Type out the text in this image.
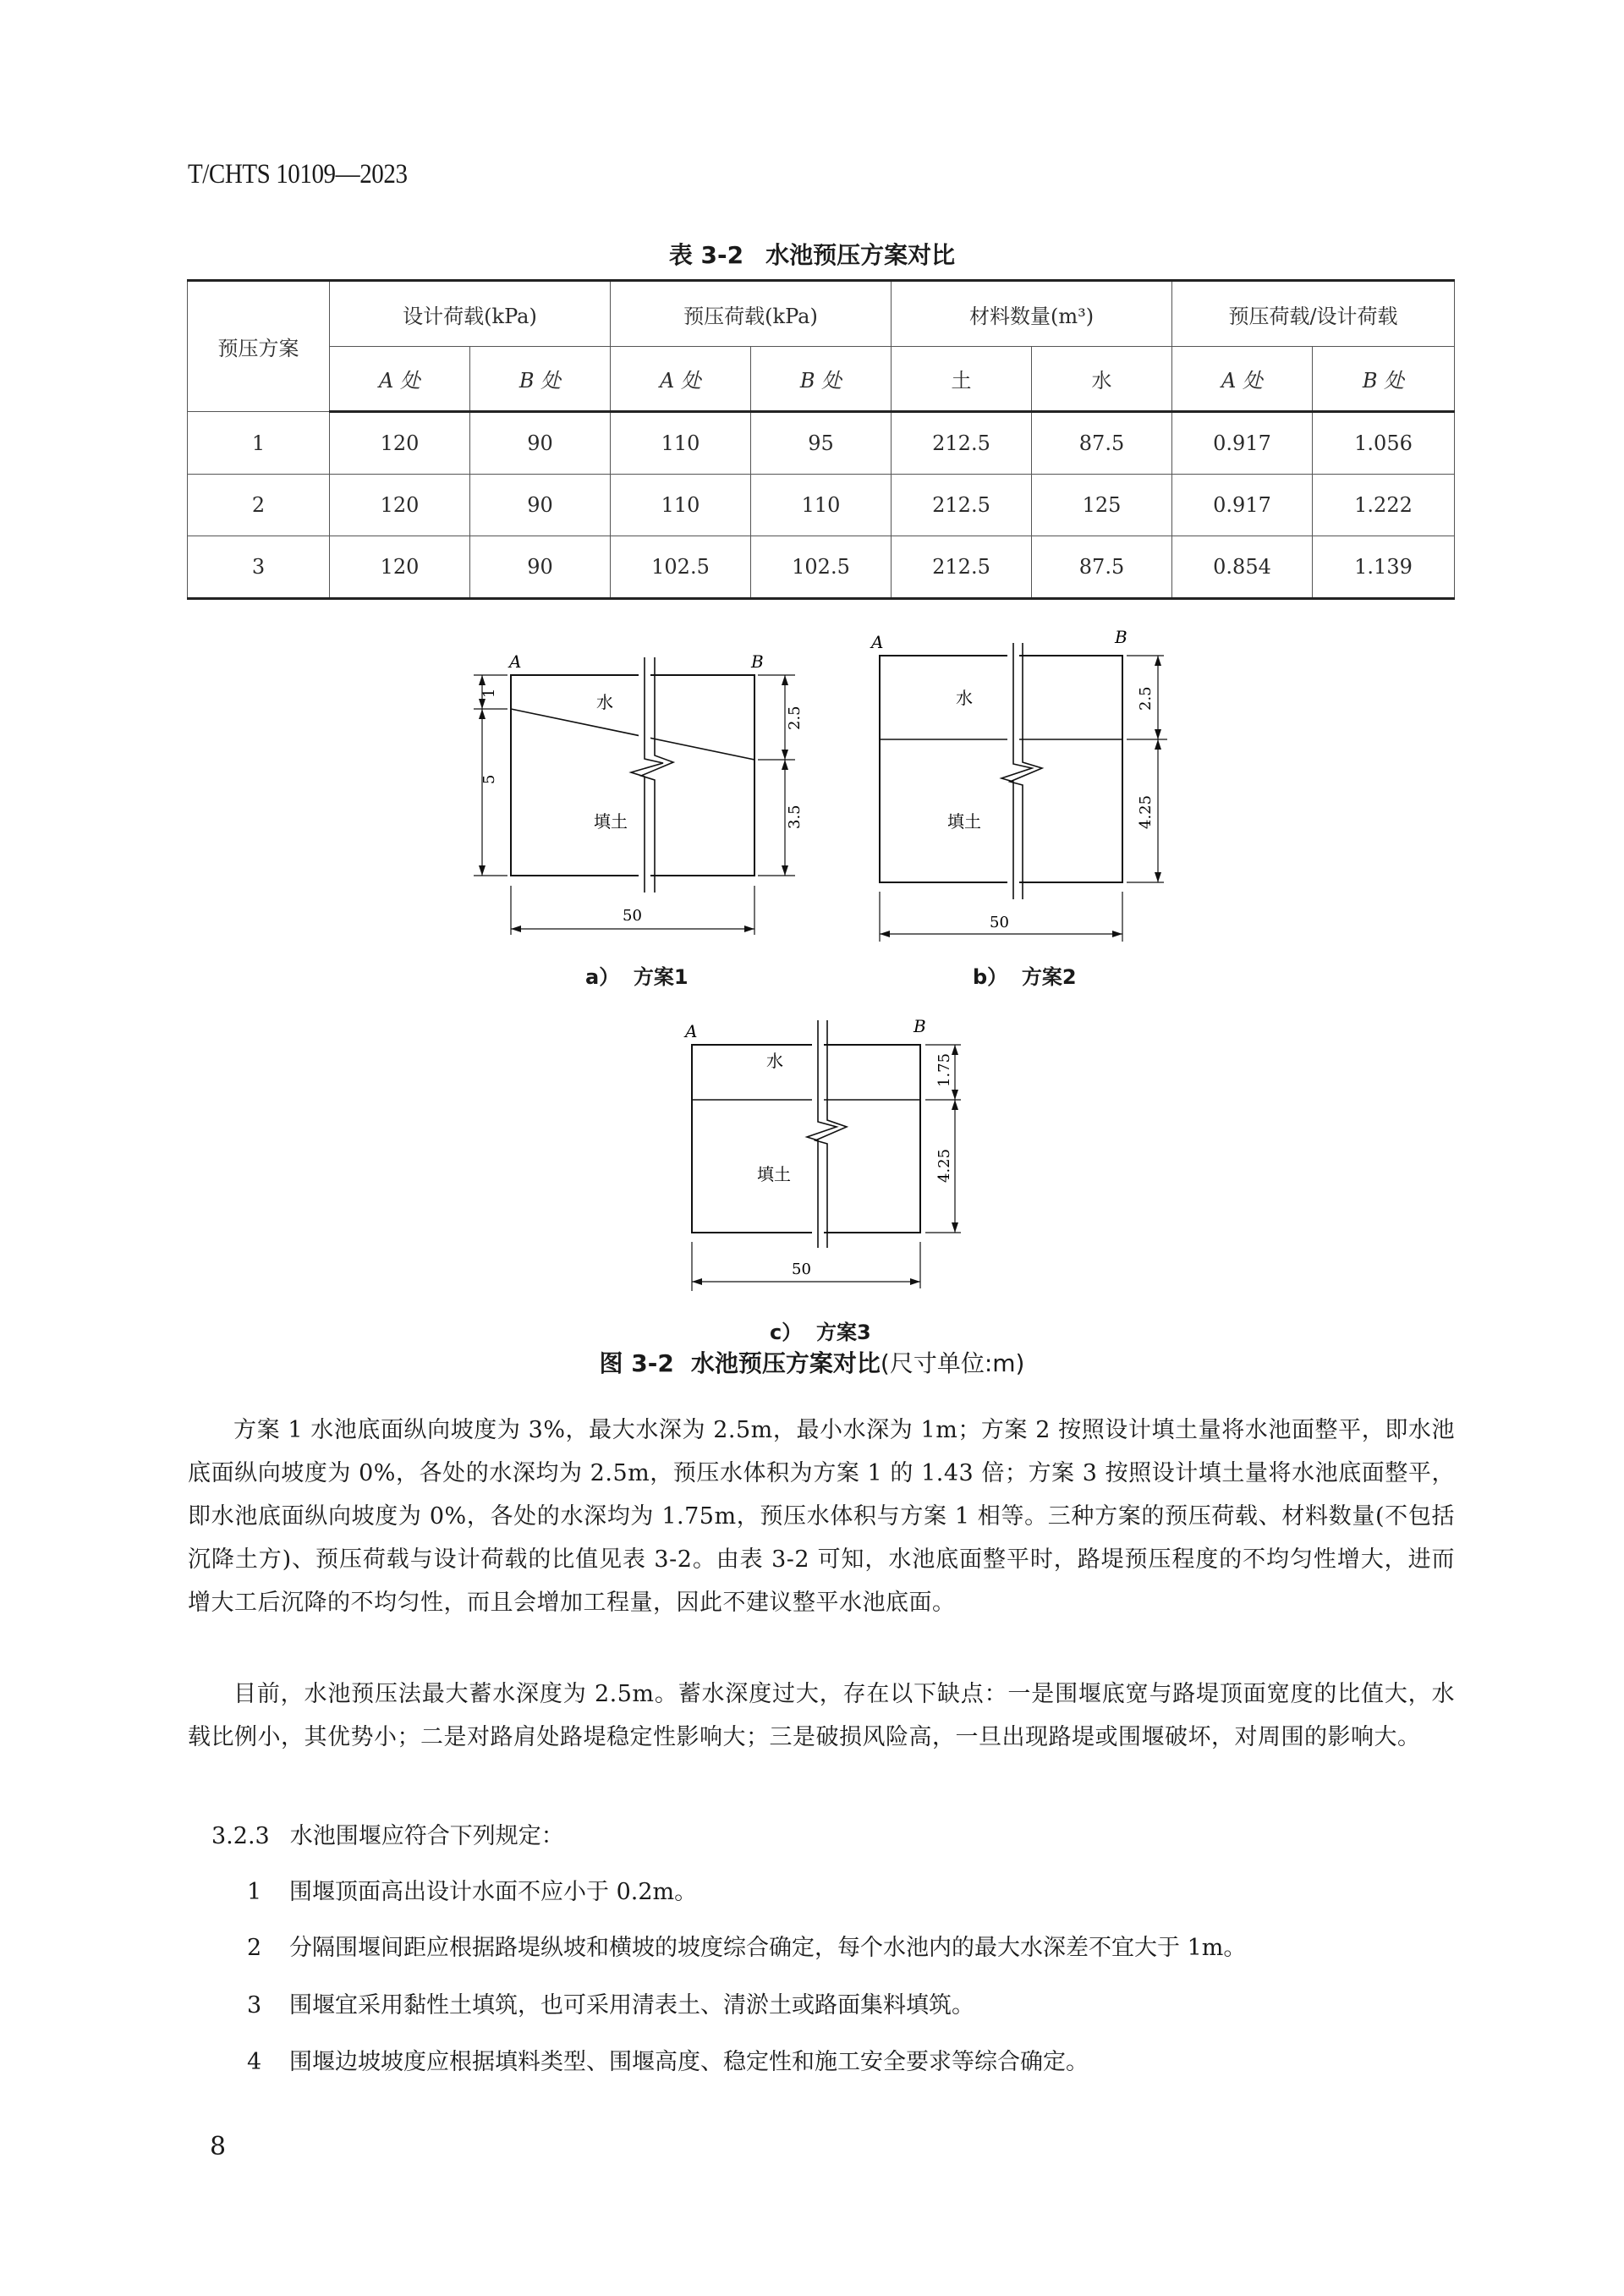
T/CHTS 10109—2023
表 3-2 水池预压方案对比
预压方案	设计荷载(kPa)		预压荷载(kPa)		材料数量(m³)		预压荷载/设计荷载	
	A 处	B 处	A 处	B 处	土	水	A 处	B 处
1	120	90	110	95	212.5	87.5	0.917	1.056
2	120	90	110	110	212.5	125	0.917	1.222
3	120	90	102.5	102.5	212.5	87.5	0.854	1.139
A	B
水
填土
1
5
2.5
3.5
50
a） 方案1
A	B
水
填土
2.5
4.25
50
b） 方案2
A	B
水
填土
1.75
4.25
50
c） 方案3
图 3-2 水池预压方案对比(尺寸单位:m)
方案 1 水池底面纵向坡度为 3%，最大水深为 2.5m，最小水深为 1m；方案 2 按照设计填土量将水池面整平，即水池底面纵向坡度为 0%，各处的水深均为 2.5m，预压水体积为方案 1 的 1.43 倍；方案 3 按照设计填土量将水池底面整平，即水池底面纵向坡度为 0%，各处的水深均为 1.75m，预压水体积与方案 1 相等。三种方案的预压荷载、材料数量(不包括沉降土方)、预压荷载与设计荷载的比值见表 3-2。由表 3-2 可知，水池底面整平时，路堤预压程度的不均匀性增大，进而增大工后沉降的不均匀性，而且会增加工程量，因此不建议整平水池底面。
目前，水池预压法最大蓄水深度为 2.5m。蓄水深度过大，存在以下缺点：一是围堰底宽与路堤顶面宽度的比值大，水载比例小，其优势小；二是对路肩处路堤稳定性影响大；三是破损风险高，一旦出现路堤或围堰破坏，对周围的影响大。
3.2.3 水池围堰应符合下列规定：
1 围堰顶面高出设计水面不应小于 0.2m。
2 分隔围堰间距应根据路堤纵坡和横坡的坡度综合确定，每个水池内的最大水深差不宜大于 1m。
3 围堰宜采用黏性土填筑，也可采用清表土、清淤土或路面集料填筑。
4 围堰边坡坡度应根据填料类型、围堰高度、稳定性和施工安全要求等综合确定。
8
